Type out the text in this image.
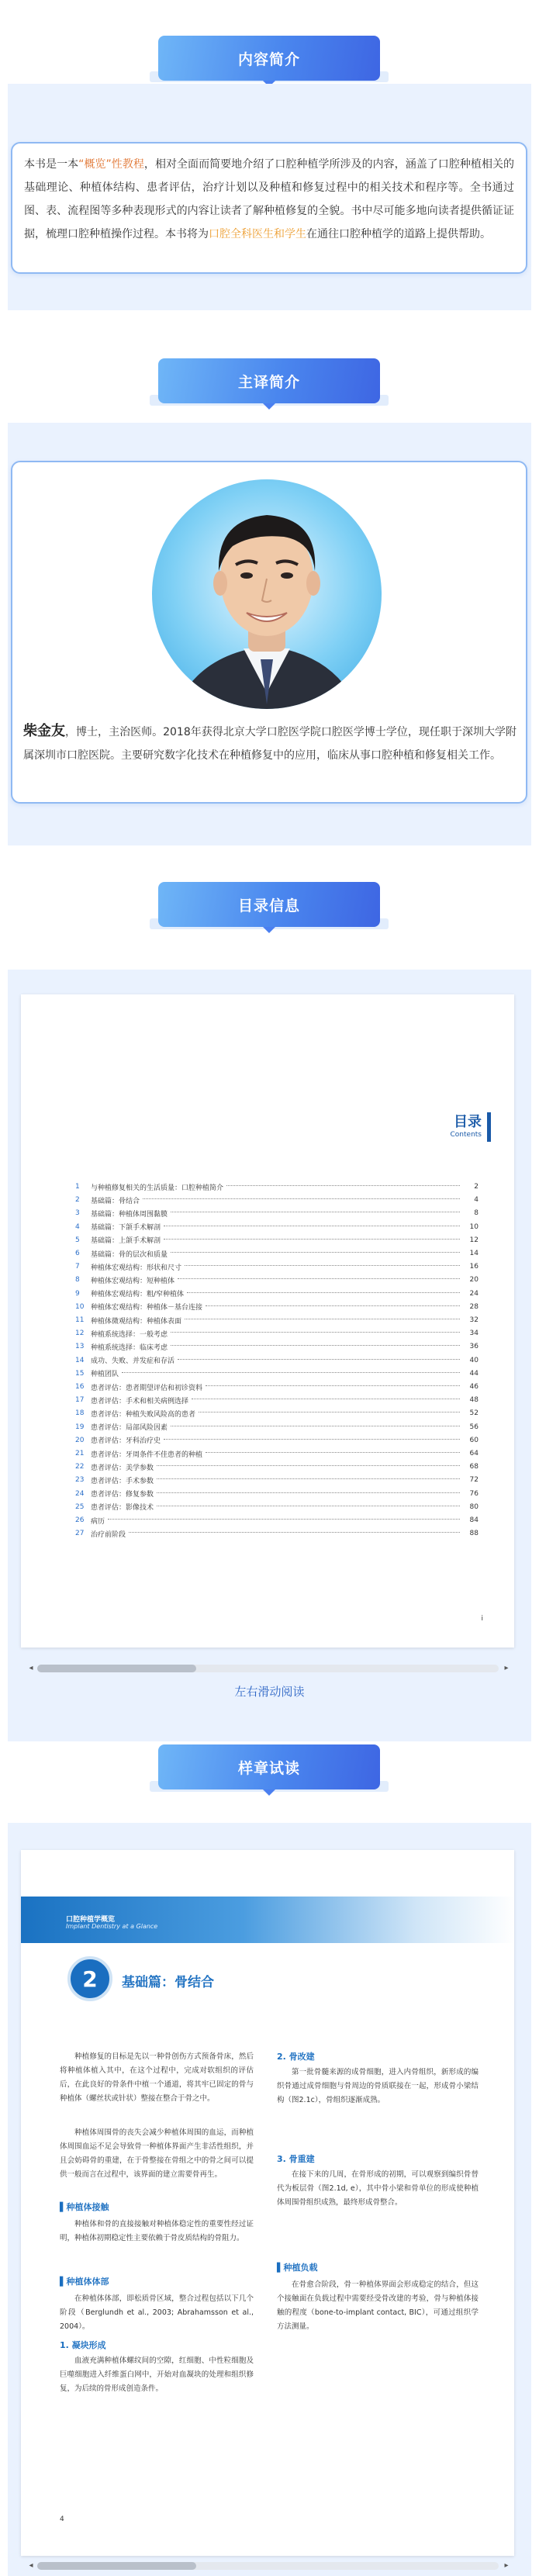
内容简介

本书是一本“概览”性教程，相对全面而简要地介绍了口腔种植学所涉及的内容，涵盖了口腔种植相关的基础理论、种植体结构、患者评估，治疗计划以及种植和修复过程中的相关技术和程序等。全书通过图、表、流程图等多种表现形式的内容让读者了解种植修复的全貌。书中尽可能多地向读者提供循证证据，梳理口腔种植操作过程。本书将为口腔全科医生和学生在通往口腔种植学的道路上提供帮助。

主译简介

柴金友，博士，主治医师。2018年获得北京大学口腔医学院口腔医学博士学位，现任职于深圳大学附属深圳市口腔医院。主要研究数字化技术在种植修复中的应用，临床从事口腔种植和修复相关工作。

目录信息
目录
Contents
1	与种植修复相关的生活质量：口腔种植简介	2
2	基础篇：骨结合	4
3	基础篇：种植体周围黏膜	8
4	基础篇：下颌手术解剖	10
5	基础篇：上颌手术解剖	12
6	基础篇：骨的层次和质量	14
7	种植体宏观结构：形状和尺寸	16
8	种植体宏观结构：短种植体	20
9	种植体宏观结构：粗/窄种植体	24
10 种植体宏观结构：种植体－基台连接	28
11 种植体微观结构：种植体表面	32
12 种植系统选择：一般考虑	34
13 种植系统选择：临床考虑	36
14 成功、失败、并发症和存活	40
15 种植团队	44
16 患者评估：患者期望评估和初诊资料	46
17 患者评估：手术和相关病例选择	48
18 患者评估：种植失败风险高的患者	52
19 患者评估：局部风险因素	56
20 患者评估：牙科治疗史	60
21 患者评估：牙周条件不佳患者的种植	64
22 患者评估：美学参数	68
23 患者评估：手术参数	72
24 患者评估：修复参数	76
25 患者评估：影像技术	80
26 病历	84
27 治疗前阶段	88
i
◂	▸
左右滑动阅读
样章试读
口腔种植学概览
Implant Dentistry at a Glance
2 基础篇：骨结合
种植修复的目标是先以一种骨创伤方式预备骨床，然后将种植体植入其中，在这个过程中，完成对软组织的评估后，在此良好的骨条件中植一个通道，将其牢已固定的骨与种植体（螺丝状或针状）整接在整合于骨之中。
种植体周围骨的丧失会减少种植体周围的血运，而种植体周围血运不足会导致骨一种植体界面产生非活性组织，并且会妨碍骨的重建，在于骨整接在骨组之中的骨之间可以提供一般而言在过程中，该界面的建立需要骨再生。
▌种植体接触
种植体和骨的直接接触对种植体稳定性的重要性经过证明，种植体初期稳定性主要依赖于骨皮质结构的骨阻力。
▌种植体体部
在种植体体部，即松质骨区域，整合过程包括以下几个阶段（Berglundh et al., 2003; Abrahamsson et al., 2004）。
1. 凝块形成
血液充满种植体螺纹间的空隙，红细胞、中性粒细胞及巨噬细胞进入纤维蛋白网中，开始对血凝块的处理和组织修复，为后续的骨形成创造条件。
2. 骨改建
第一批骨髓来源的成骨细胞，进入内骨组织，新形成的编织骨通过成骨细胞与骨周边的骨质联接在一起，形成骨小梁结构（图2.1c），骨组织逐渐成熟。
3. 骨重建
在接下来的几周，在骨形成的初期，可以观察到编织骨替代为板层骨（图2.1d, e），其中骨小梁和骨单位的形成使种植体周围骨组织成熟，最终形成骨整合。
▌种植负载
在骨愈合阶段，骨一种植体界面会形成稳定的结合，但这个接触面在负载过程中需要经受骨改建的考验，骨与种植体接触的程度（bone-to-implant contact, BIC），可通过组织学方法测量。
4
◂	▸
